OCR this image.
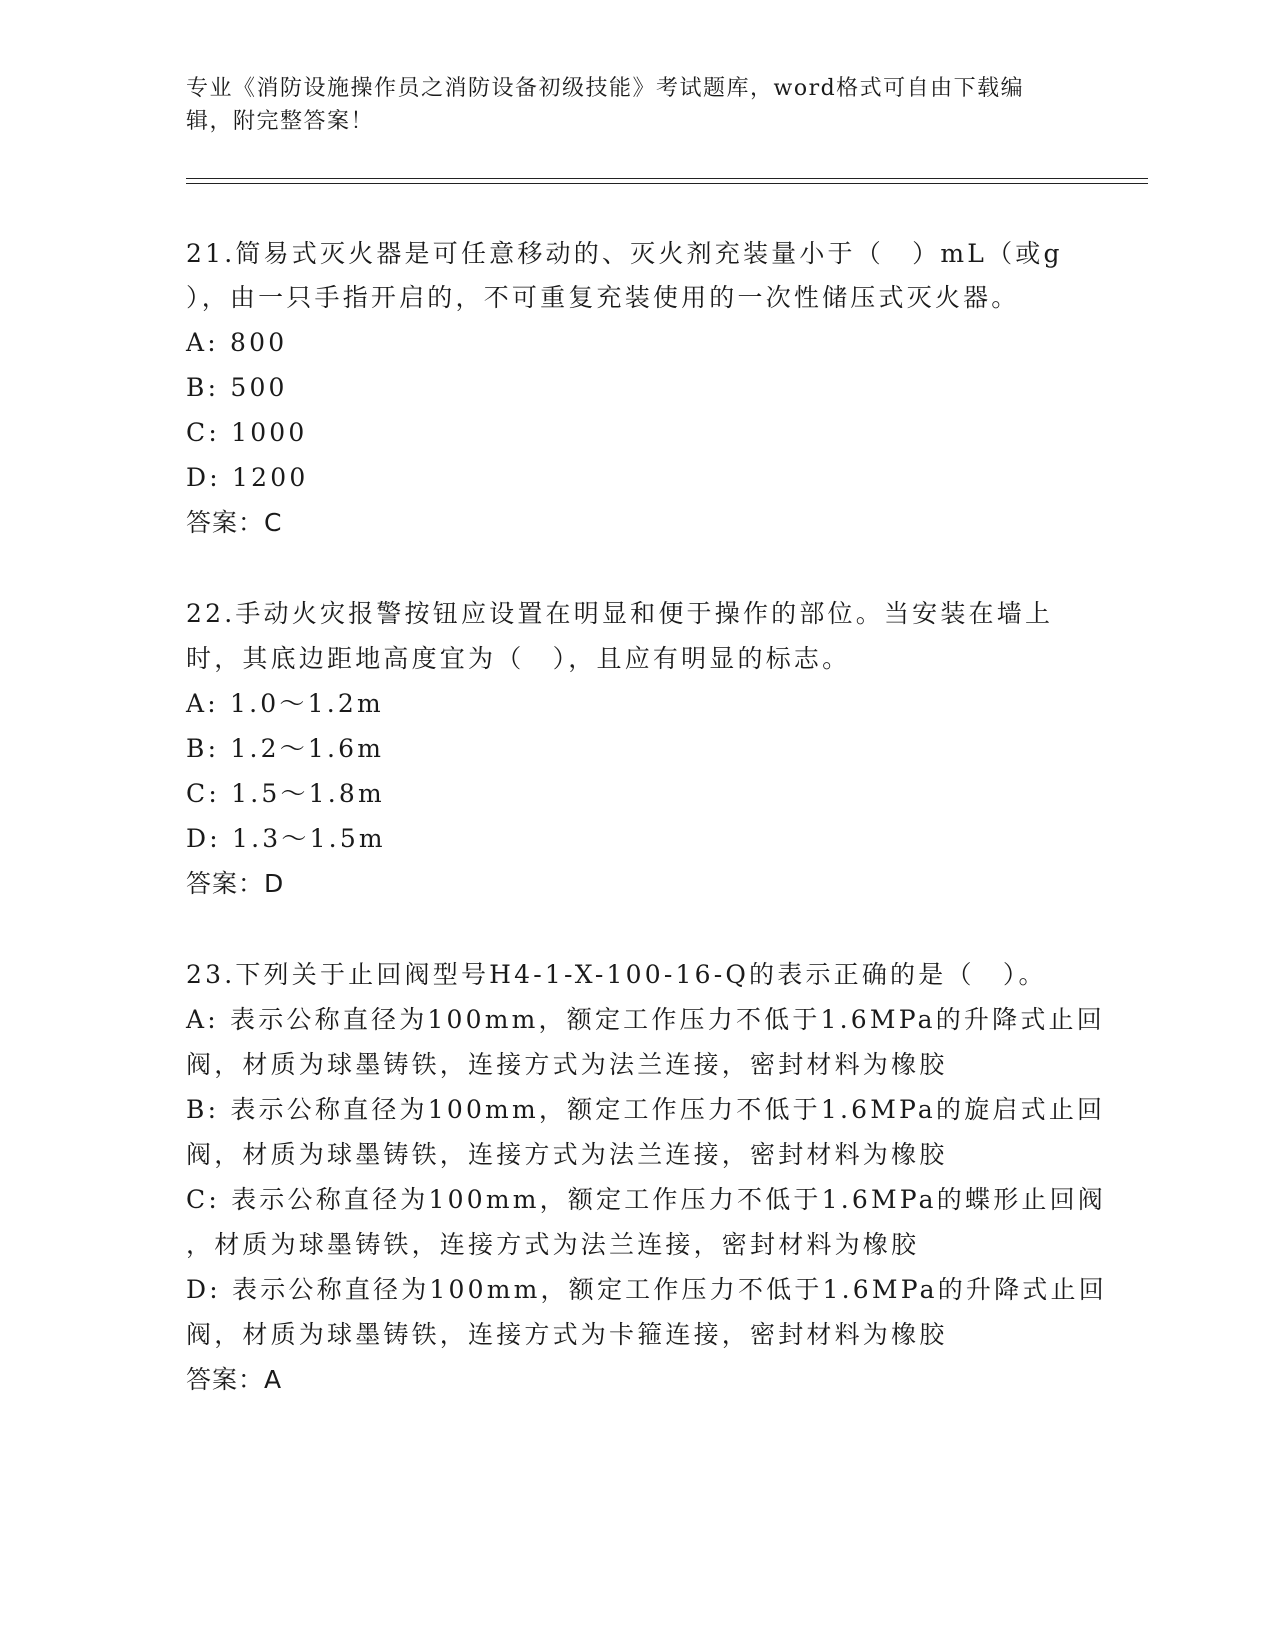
专业《消防设施操作员之消防设备初级技能》考试题库，word格式可自由下载编辑，附完整答案！
21.简易式灭火器是可任意移动的、灭火剂充装量小于（　）mL（或g
），由一只手指开启的，不可重复充装使用的一次性储压式灭火器。
A: 800
B: 500
C: 1000
D: 1200
答案：C
22.手动火灾报警按钮应设置在明显和便于操作的部位。当安装在墙上
时，其底边距地高度宜为（　），且应有明显的标志。
A: 1.0～1.2m
B: 1.2～1.6m
C: 1.5～1.8m
D: 1.3～1.5m
答案：D
23.下列关于止回阀型号H4-1-X-100-16-Q的表示正确的是（　）。
A: 表示公称直径为100mm，额定工作压力不低于1.6MPa的升降式止回
阀，材质为球墨铸铁，连接方式为法兰连接，密封材料为橡胶
B: 表示公称直径为100mm，额定工作压力不低于1.6MPa的旋启式止回
阀，材质为球墨铸铁，连接方式为法兰连接，密封材料为橡胶
C: 表示公称直径为100mm，额定工作压力不低于1.6MPa的蝶形止回阀
，材质为球墨铸铁，连接方式为法兰连接，密封材料为橡胶
D: 表示公称直径为100mm，额定工作压力不低于1.6MPa的升降式止回
阀，材质为球墨铸铁，连接方式为卡箍连接，密封材料为橡胶
答案：A
